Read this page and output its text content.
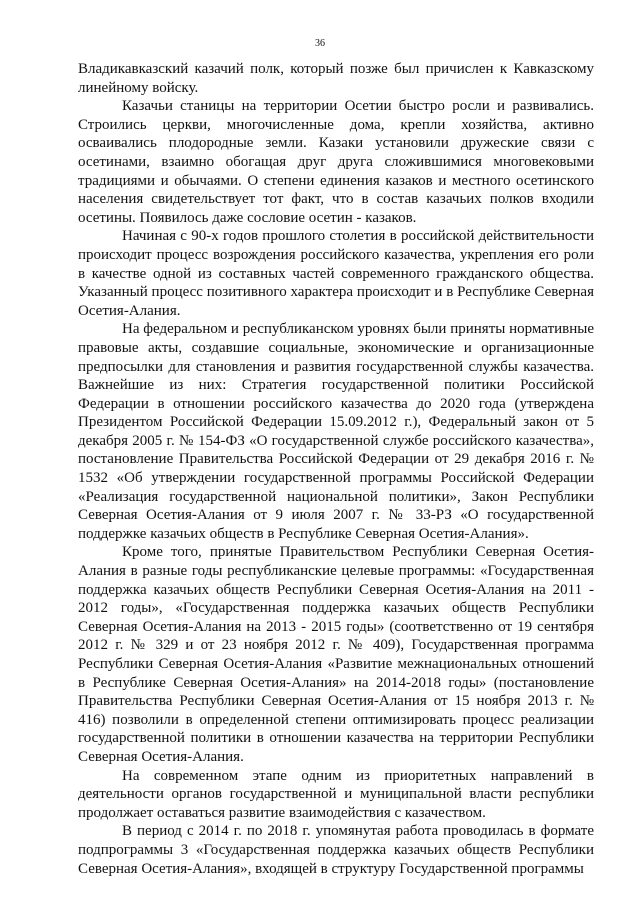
36

Владикавказский казачий полк, который позже был причислен к Кавказскому линейному войску.

Казачьи станицы на территории Осетии быстро росли и развивались. Строились церкви, многочисленные дома, крепли хозяйства, активно осваивались плодородные земли. Казаки установили дружеские связи с осетинами, взаимно обогащая друг друга сложившимися многовековыми традициями и обычаями. О степени единения казаков и местного осетинского населения свидетельствует тот факт, что в состав казачьих полков входили осетины. Появилось даже сословие осетин - казаков.

Начиная с 90-х годов прошлого столетия в российской действительности происходит процесс возрождения российского казачества, укрепления его роли в качестве одной из составных частей современного гражданского общества. Указанный процесс позитивного характера происходит и в Республике Северная Осетия-Алания.

На федеральном и республиканском уровнях были приняты нормативные правовые акты, создавшие социальные, экономические и организационные предпосылки для становления и развития государственной службы казачества. Важнейшие из них: Стратегия государственной политики Российской Федерации в отношении российского казачества до 2020 года (утверждена Президентом Российской Федерации 15.09.2012 г.), Федеральный закон от 5 декабря 2005 г. № 154-ФЗ «О государственной службе российского казачества», постановление Правительства Российской Федерации от 29 декабря 2016 г. № 1532 «Об утверждении государственной программы Российской Федерации «Реализация государственной национальной политики», Закон Республики Северная Осетия-Алания от 9 июля 2007 г. № 33-РЗ «О государственной поддержке казачьих обществ в Республике Северная Осетия-Алания».

Кроме того, принятые Правительством Республики Северная Осетия-Алания в разные годы республиканские целевые программы: «Государственная поддержка казачьих обществ Республики Северная Осетия-Алания на 2011 - 2012 годы», «Государственная поддержка казачьих обществ Республики Северная Осетия-Алания на 2013 - 2015 годы» (соответственно от 19 сентября 2012 г. № 329 и от 23 ноября 2012 г. № 409), Государственная программа Республики Северная Осетия-Алания «Развитие межнациональных отношений в Республике Северная Осетия-Алания» на 2014-2018 годы» (постановление Правительства Республики Северная Осетия-Алания от 15 ноября 2013 г. № 416) позволили в определенной степени оптимизировать процесс реализации государственной политики в отношении казачества на территории Республики Северная Осетия-Алания.

На современном этапе одним из приоритетных направлений в деятельности органов государственной и муниципальной власти республики продолжает оставаться развитие взаимодействия с казачеством.

В период с 2014 г. по 2018 г. упомянутая работа проводилась в формате подпрограммы 3 «Государственная поддержка казачьих обществ Республики Северная Осетия-Алания», входящей в структуру Государственной программы
